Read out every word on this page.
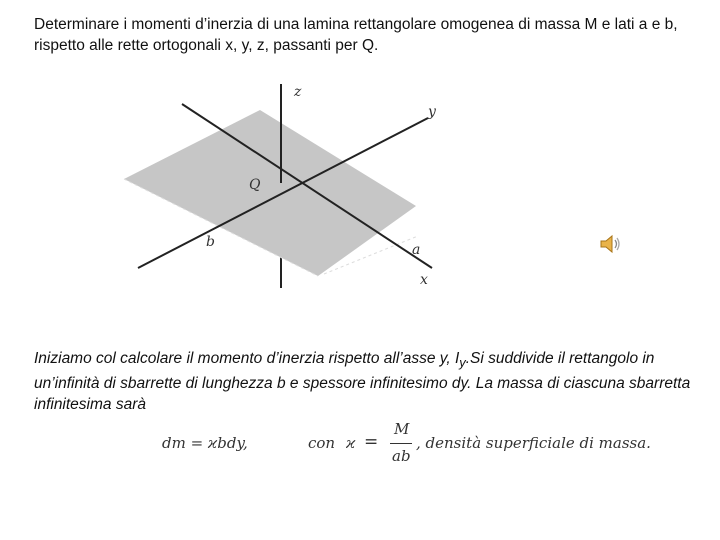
Determinare i momenti d’inerzia di una lamina rettangolare omogenea di massa M e lati a e b, rispetto alle rette ortogonali x, y, z, passanti per Q.
z
y
Q
b	a
x
Iniziamo col calcolare il momento d’inerzia rispetto all’asse y, $I_y.Si$ suddivide il rettangolo in un’infinità di sbarrette di lunghezza b e spessore infinitesimo dy. La massa di ciascuna sbarretta infinitesima sarà
dm = ϰbdy,	con ϰ =
M
ab
, densità superficiale di massa.
